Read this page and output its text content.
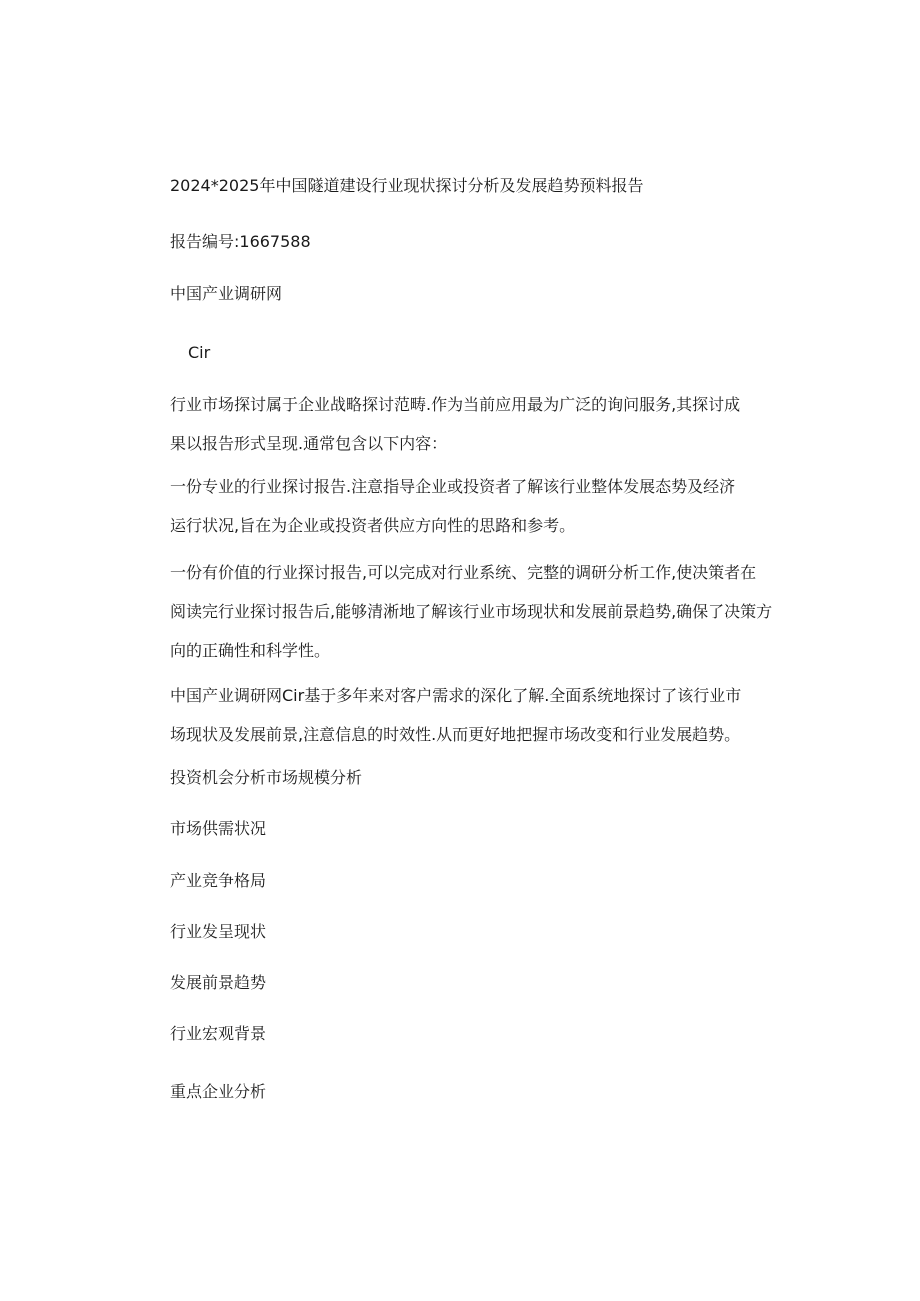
2024*2025年中国隧道建设行业现状探讨分析及发展趋势预料报告
报告编号:1667588
中国产业调研网
Cir
行业市场探讨属于企业战略探讨范畴.作为当前应用最为广泛的询问服务,其探讨成
果以报告形式呈现.通常包含以下内容：
一份专业的行业探讨报告.注意指导企业或投资者了解该行业整体发展态势及经济
运行状况,旨在为企业或投资者供应方向性的思路和参考。
一份有价值的行业探讨报告,可以完成对行业系统、完整的调研分析工作,使决策者在
阅读完行业探讨报告后,能够清淅地了解该行业市场现状和发展前景趋势,确保了决策方
向的正确性和科学性。
中国产业调研网Cir基于多年来对客户需求的深化了解.全面系统地探讨了该行业市
场现状及发展前景,注意信息的时效性.从而更好地把握市场改变和行业发展趋势。
投资机会分析市场规模分析
市场供需状况
产业竞争格局
行业发呈现状
发展前景趋势
行业宏观背景
重点企业分析
